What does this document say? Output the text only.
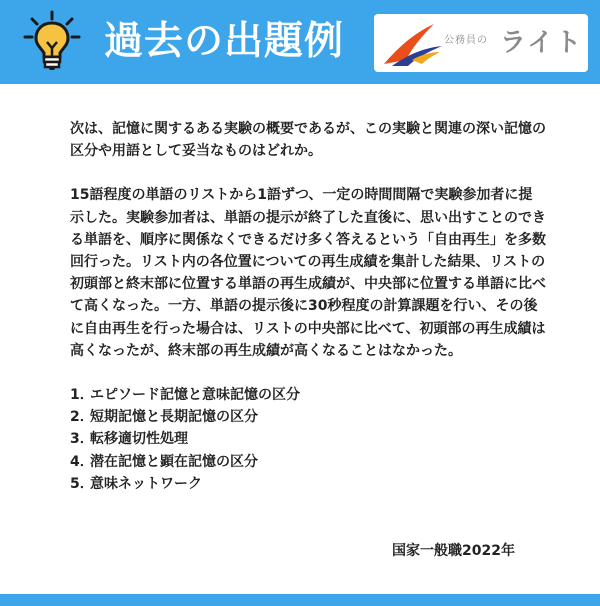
過去の出題例	公務員の ライト

次は、記憶に関するある実験の概要であるが、この実験と関連の深い記憶の区分や用語として妥当なものはどれか。

15語程度の単語のリストから1語ずつ、一定の時間間隔で実験参加者に提示した。実験参加者は、単語の提示が終了した直後に、思い出すことのできる単語を、順序に関係なくできるだけ多く答えるという「自由再生」を多数回行った。リスト内の各位置についての再生成績を集計した結果、リストの初頭部と終末部に位置する単語の再生成績が、中央部に位置する単語に比べて高くなった。一方、単語の提示後に30秒程度の計算課題を行い、その後に自由再生を行った場合は、リストの中央部に比べて、初頭部の再生成績は高くなったが、終末部の再生成績が高くなることはなかった。

1．エピソード記憶と意味記憶の区分
2．短期記憶と長期記憶の区分
3．転移適切性処理
4．潜在記憶と顕在記憶の区分
5．意味ネットワーク
国家一般職2022年
